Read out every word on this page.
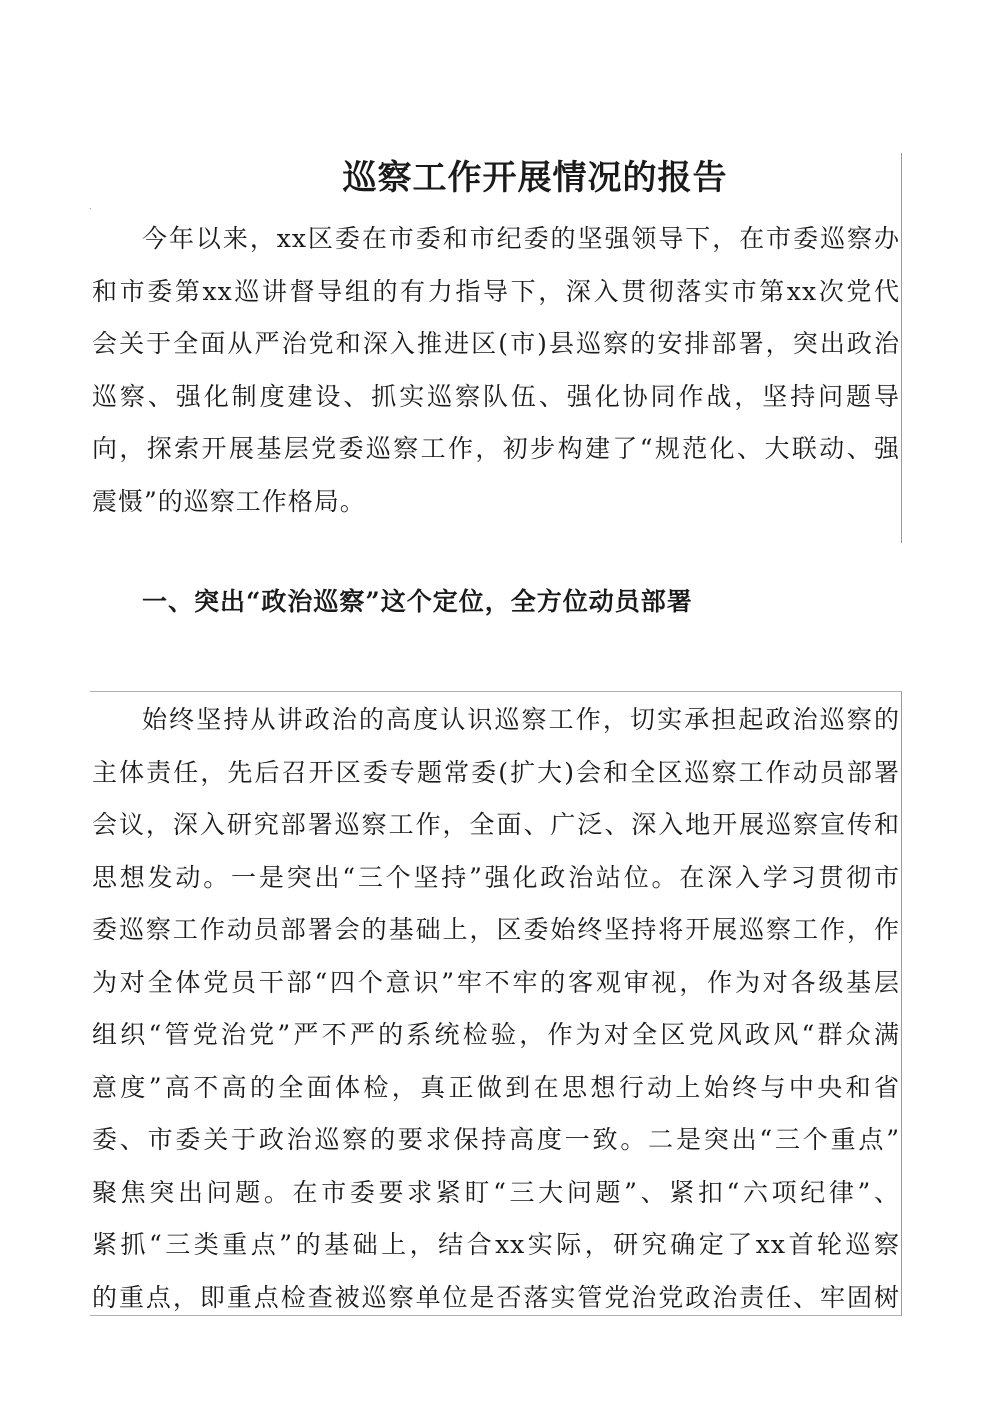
巡察工作开展情况的报告
.

今年以来，xx区委在市委和市纪委的坚强领导下，在市委巡察办
和市委第xx巡讲督导组的有力指导下，深入贯彻落实市第xx次党代
会关于全面从严治党和深入推进区(市)县巡察的安排部署，突出政治
巡察、强化制度建设、抓实巡察队伍、强化协同作战，坚持问题导
向，探索开展基层党委巡察工作，初步构建了“规范化、大联动、强
震慑”的巡察工作格局。

一、突出“政治巡察”这个定位，全方位动员部署

始终坚持从讲政治的高度认识巡察工作，切实承担起政治巡察的
主体责任，先后召开区委专题常委(扩大)会和全区巡察工作动员部署
会议，深入研究部署巡察工作，全面、广泛、深入地开展巡察宣传和
思想发动。一是突出“三个坚持”强化政治站位。在深入学习贯彻市
委巡察工作动员部署会的基础上，区委始终坚持将开展巡察工作，作
为对全体党员干部“四个意识”牢不牢的客观审视，作为对各级基层
组织“管党治党”严不严的系统检验，作为对全区党风政风“群众满
意度”高不高的全面体检，真正做到在思想行动上始终与中央和省
委、市委关于政治巡察的要求保持高度一致。二是突出“三个重点”
聚焦突出问题。在市委要求紧盯“三大问题”、紧扣“六项纪律”、
紧抓“三类重点”的基础上，结合xx实际，研究确定了xx首轮巡察
的重点，即重点检查被巡察单位是否落实管党治党政治责任、牢固树
